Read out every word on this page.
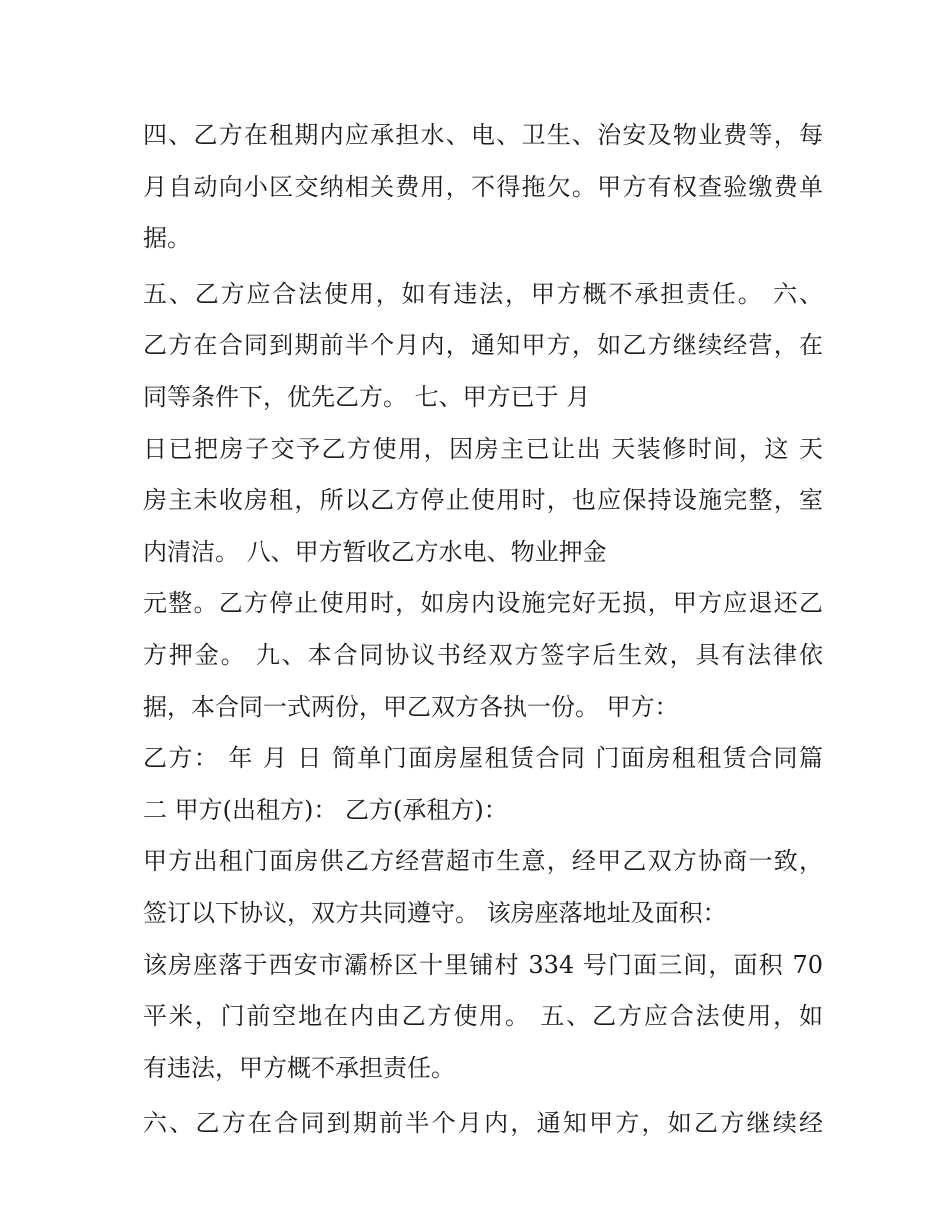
四、乙方在租期内应承担水、电、卫生、治安及物业费等，每
月自动向小区交纳相关费用，不得拖欠。甲方有权查验缴费单
据。
五、乙方应合法使用，如有违法，甲方概不承担责任。 六、
乙方在合同到期前半个月内，通知甲方，如乙方继续经营，在
同等条件下，优先乙方。 七、甲方已于 月
日已把房子交予乙方使用，因房主已让出 天装修时间，这 天
房主未收房租，所以乙方停止使用时，也应保持设施完整，室
内清洁。 八、甲方暂收乙方水电、物业押金
元整。乙方停止使用时，如房内设施完好无损，甲方应退还乙
方押金。 九、本合同协议书经双方签字后生效，具有法律依
据，本合同一式两份，甲乙双方各执一份。 甲方：
乙方： 年 月 日 简单门面房屋租赁合同 门面房租租赁合同篇
二 甲方(出租方)： 乙方(承租方)：
甲方出租门面房供乙方经营超市生意，经甲乙双方协商一致，
签订以下协议，双方共同遵守。 该房座落地址及面积：
该房座落于西安市灞桥区十里铺村 334 号门面三间，面积 70
平米，门前空地在内由乙方使用。 五、乙方应合法使用，如
有违法，甲方概不承担责任。
六、乙方在合同到期前半个月内，通知甲方，如乙方继续经
